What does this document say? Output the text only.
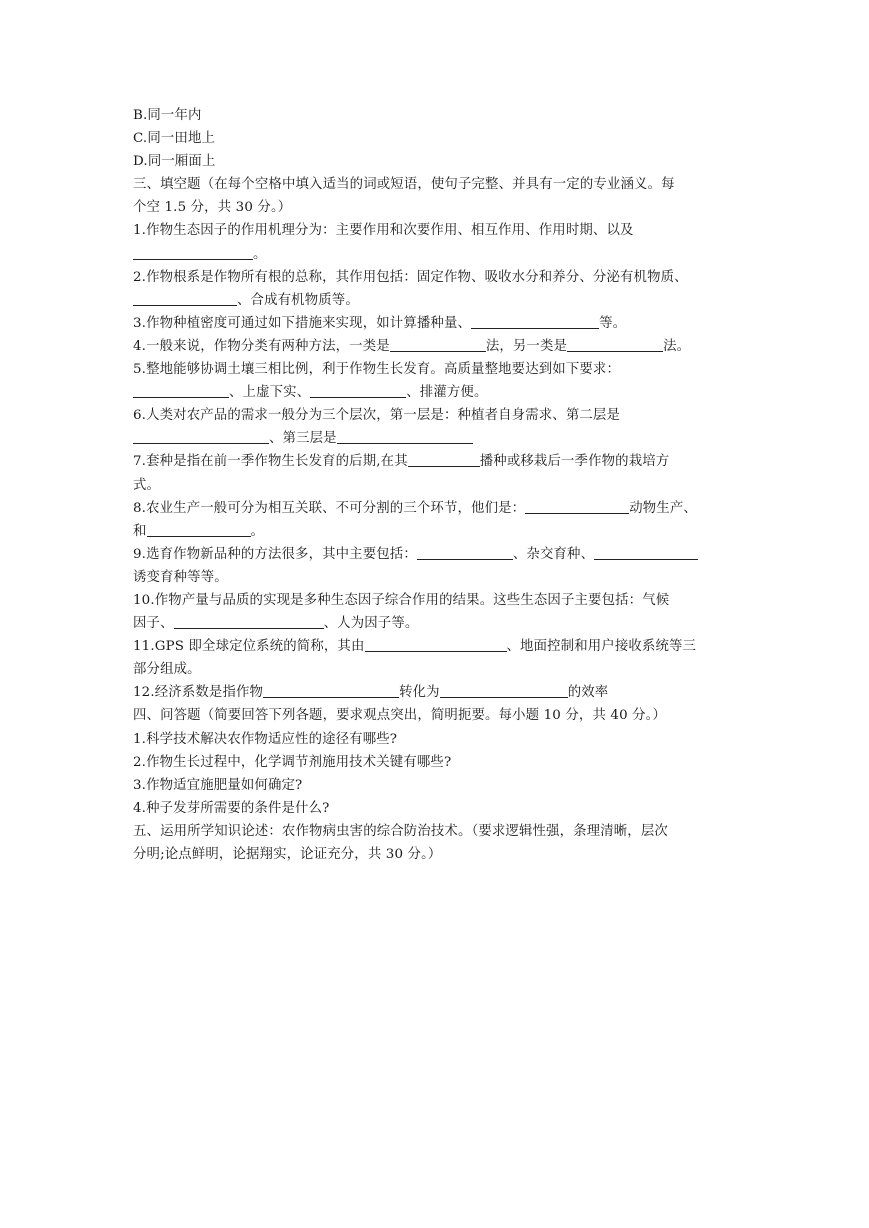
B.同一年内
C.同一田地上
D.同一厢面上
三、填空题（在每个空格中填入适当的词或短语，使句子完整、并具有一定的专业涵义。每
个空 1.5 分，共 30 分。）
1.作物生态因子的作用机理分为：主要作用和次要作用、相互作用、作用时期、以及
。
2.作物根系是作物所有根的总称，其作用包括：固定作物、吸收水分和养分、分泌有机物质、
、合成有机物质等。
3.作物种植密度可通过如下措施来实现，如计算播种量、	等。
4.一般来说，作物分类有两种方法，一类是	法，另一类是	法。
5.整地能够协调土壤三相比例，利于作物生长发育。高质量整地要达到如下要求：
、上虚下实、	、排灌方便。
6.人类对农产品的需求一般分为三个层次，第一层是：种植者自身需求、第二层是
、第三层是
7.套种是指在前一季作物生长发育的后期,在其	播种或移栽后一季作物的栽培方
式。
8.农业生产一般可分为相互关联、不可分割的三个环节，他们是：	动物生产、
和	。
9.选育作物新品种的方法很多，其中主要包括：	、杂交育种、
诱变育种等等。
10.作物产量与品质的实现是多种生态因子综合作用的结果。这些生态因子主要包括：气候
因子、	、人为因子等。
11.GPS 即全球定位系统的简称，其由	、地面控制和用户接收系统等三
部分组成。
12.经济系数是指作物	转化为	的效率
四、问答题（简要回答下列各题，要求观点突出，简明扼要。每小题 10 分，共 40 分。）
1.科学技术解决农作物适应性的途径有哪些?
2.作物生长过程中，化学调节剂施用技术关键有哪些?
3.作物适宜施肥量如何确定?
4.种子发芽所需要的条件是什么?
五、运用所学知识论述：农作物病虫害的综合防治技术。（要求逻辑性强，条理清晰，层次
分明;论点鲜明，论据翔实，论证充分，共 30 分。）
